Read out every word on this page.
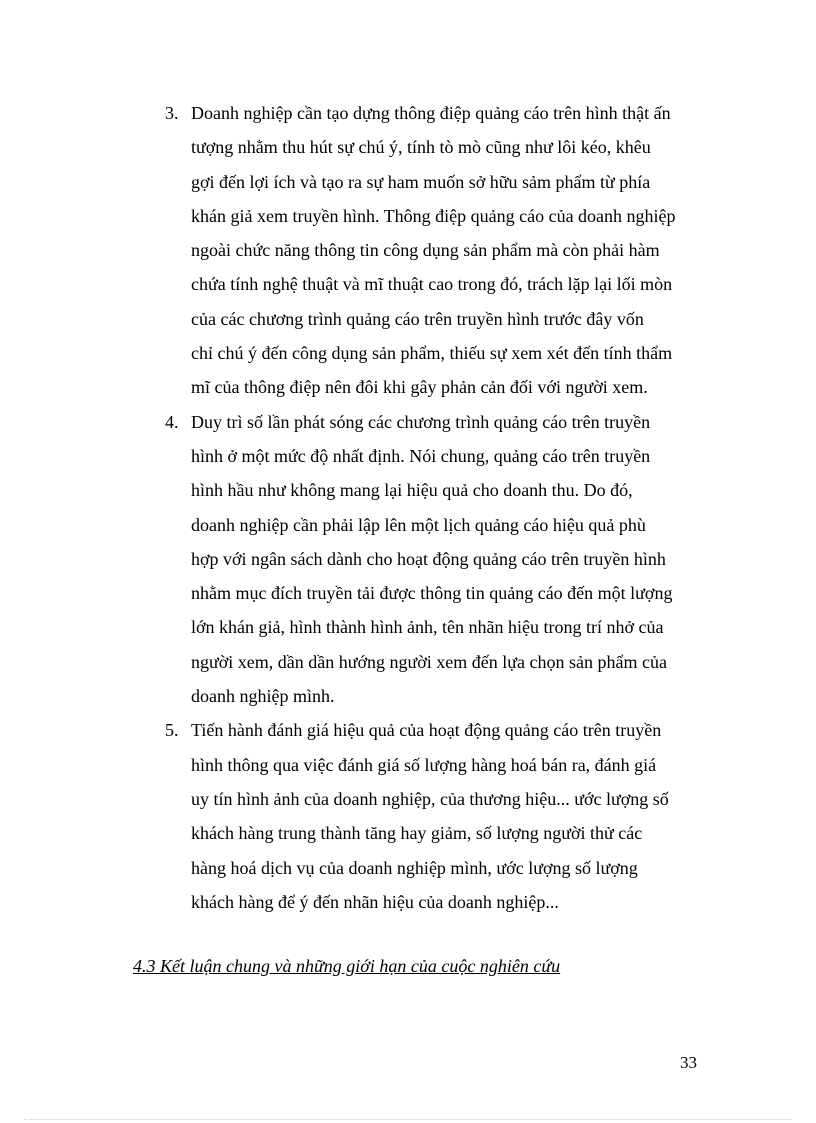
3. Doanh nghiệp cần tạo dựng thông điệp quảng cáo trên hình thật ấn
tượng nhằm thu hút sự chú ý, tính tò mò cũng như lôi kéo, khêu
gợi đến lợi ích và tạo ra sự ham muốn sở hữu sảm phẩm từ phía
khán giả xem truyền hình. Thông điệp quảng cáo của doanh nghiệp
ngoài chức năng thông tin công dụng sản phẩm mà còn phải hàm
chứa tính nghệ thuật và mĩ thuật cao trong đó, trách lặp lại lối mòn
của các chương trình quảng cáo trên truyền hình trước đây vốn
chỉ chú ý đến công dụng sản phẩm, thiếu sự xem xét đến tính thẩm
mĩ của thông điệp nên đôi khi gây phản cản đối với người xem.
4. Duy trì số lần phát sóng các chương trình quảng cáo trên truyền
hình ở một mức độ nhất định. Nói chung, quảng cáo trên truyền
hình hầu như không mang lại hiệu quả cho doanh thu. Do đó,
doanh nghiệp cần phải lập lên một lịch quảng cáo hiệu quả phù
hợp với ngân sách dành cho hoạt động quảng cáo trên truyền hình
nhằm mục đích truyền tải được thông tin quảng cáo đến một lượng
lớn khán giả, hình thành hình ảnh, tên nhãn hiệu trong trí nhở của
người xem, dần dần hướng người xem đến lựa chọn sản phẩm của
doanh nghiệp mình.
5. Tiến hành đánh giá hiệu quả của hoạt động quảng cáo trên truyền
hình thông qua việc đánh giá số lượng hàng hoá bán ra, đánh giá
uy tín hình ảnh của doanh nghiệp, của thương hiệu... ước lượng số
khách hàng trung thành tăng hay giảm, số lượng người thử các
hàng hoá dịch vụ của doanh nghiệp mình, ước lượng số lượng
khách hàng để ý đến nhãn hiệu của doanh nghiệp...
4.3 Kết luận chung và những giới hạn của cuộc nghiên cứu
33
